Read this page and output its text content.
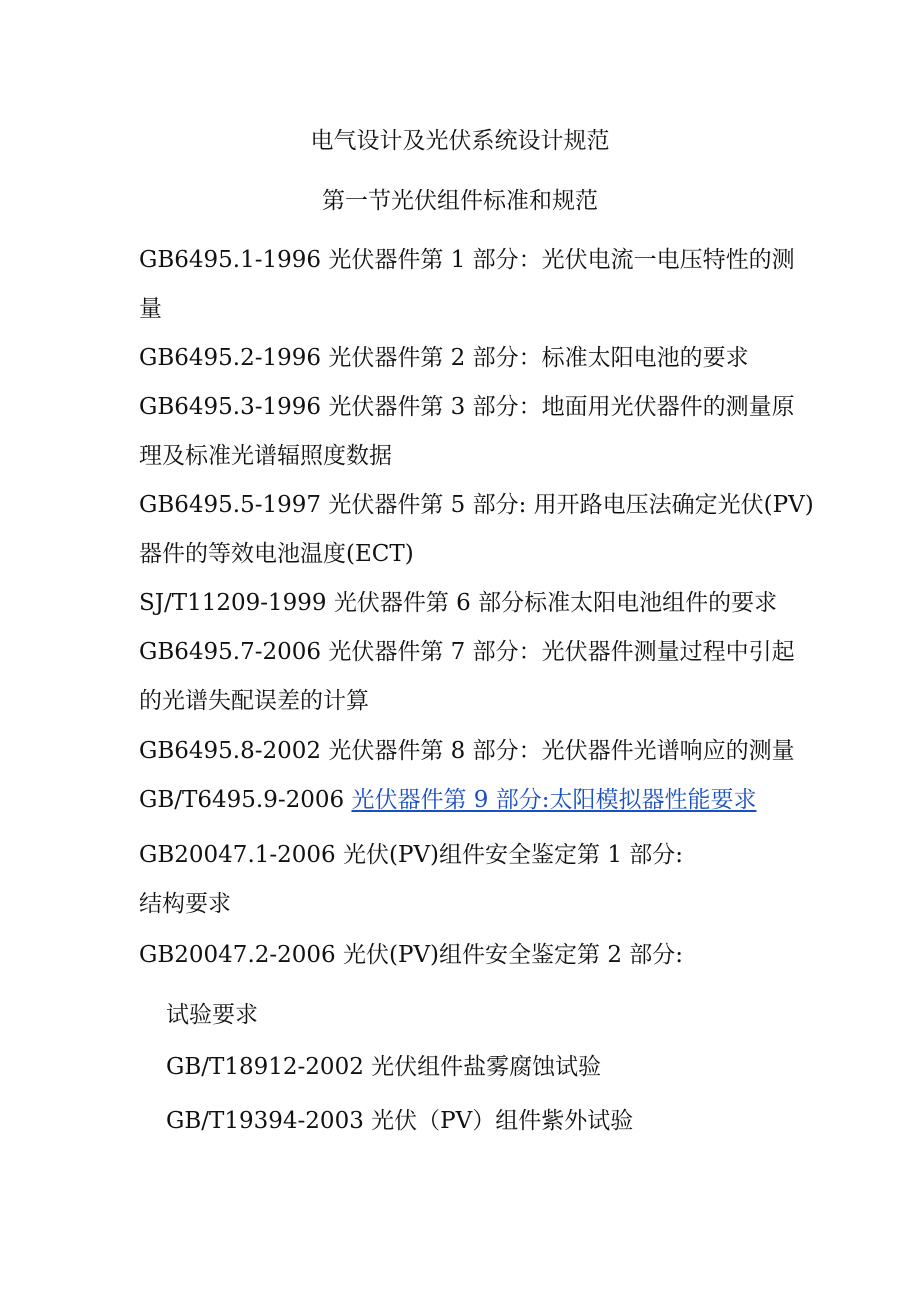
电气设计及光伏系统设计规范
第一节光伏组件标准和规范
GB6495.1-1996 光伏器件第 1 部分：光伏电流一电压特性的测
量
GB6495.2-1996 光伏器件第 2 部分：标准太阳电池的要求
GB6495.3-1996 光伏器件第 3 部分：地面用光伏器件的测量原
理及标准光谱辐照度数据
GB6495.5-1997 光伏器件第 5 部分: 用开路电压法确定光伏(PV)
器件的等效电池温度(ECT)
SJ/T11209-1999 光伏器件第 6 部分标准太阳电池组件的要求
GB6495.7-2006 光伏器件第 7 部分：光伏器件测量过程中引起
的光谱失配误差的计算
GB6495.8-2002 光伏器件第 8 部分：光伏器件光谱响应的测量
GB/T6495.9-2006 光伏器件第 9 部分:太阳模拟器性能要求
GB20047.1-2006 光伏(PV)组件安全鉴定第 1 部分:
结构要求
GB20047.2-2006 光伏(PV)组件安全鉴定第 2 部分:
试验要求
GB/T18912-2002 光伏组件盐雾腐蚀试验
GB/T19394-2003 光伏（PV）组件紫外试验
